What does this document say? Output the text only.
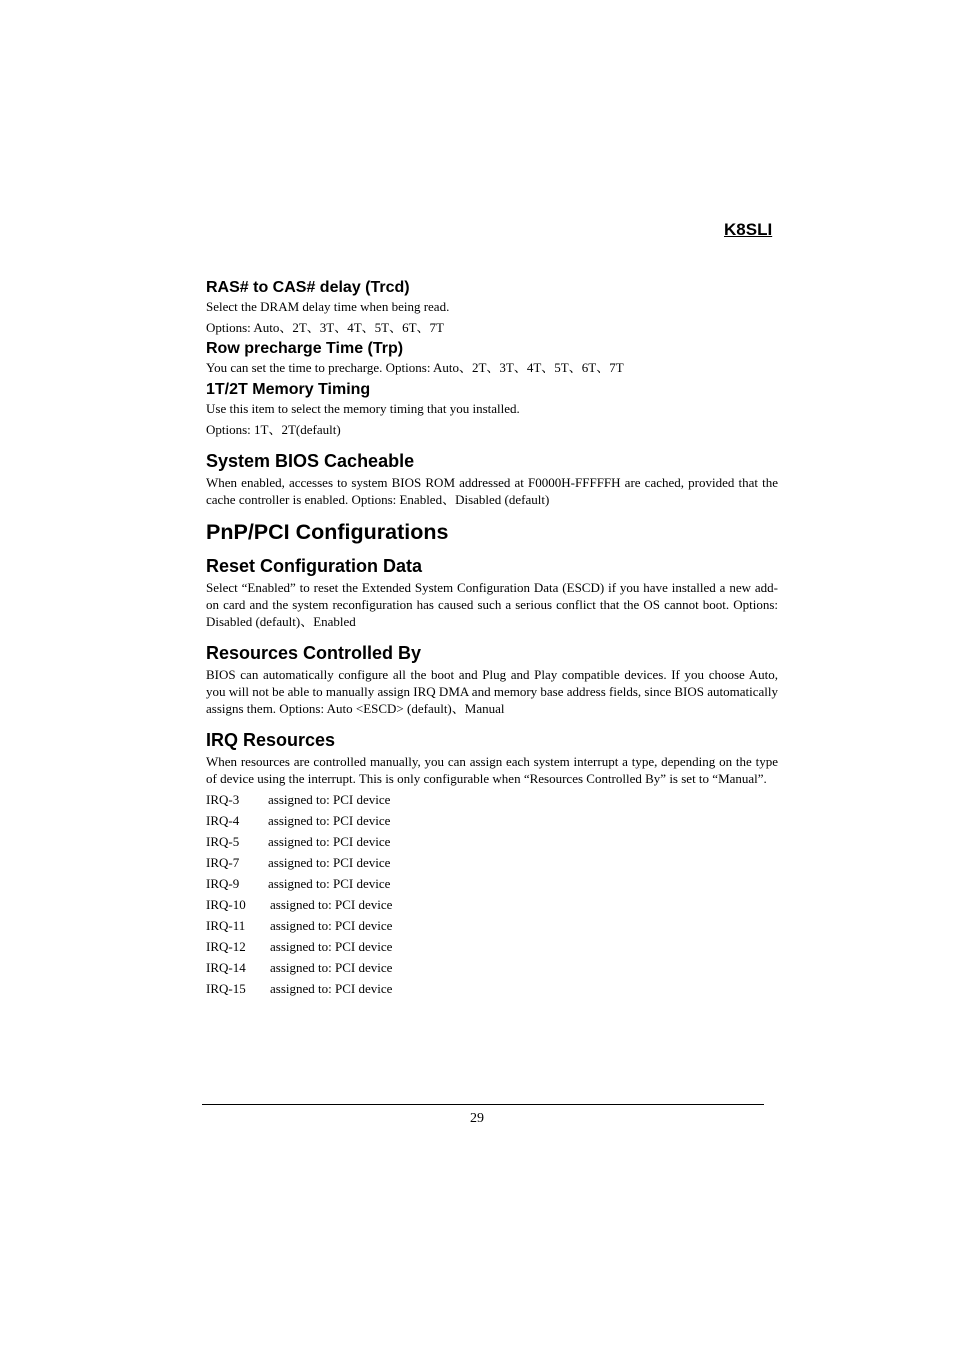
K8SLI
RAS# to CAS# delay (Trcd)

Select the DRAM delay time when being read.

Options: Auto、2T、3T、4T、5T、6T、7T

Row precharge Time (Trp)

You can set the time to precharge. Options: Auto、2T、3T、4T、5T、6T、7T

1T/2T Memory Timing

Use this item to select the memory timing that you installed.

Options: 1T、2T(default)

System BIOS Cacheable

When enabled, accesses to system BIOS ROM addressed at F0000H-FFFFFH are cached, provided that the cache controller is enabled. Options: Enabled、Disabled (default)

PnP/PCI Configurations
Reset Configuration Data

Select “Enabled” to reset the Extended System Configuration Data (ESCD) if you have installed a new add-on card and the system reconfiguration has caused such a serious conflict that the OS cannot boot. Options: Disabled (default)、Enabled

Resources Controlled By

BIOS can automatically configure all the boot and Plug and Play compatible devices. If you choose Auto, you will not be able to manually assign IRQ DMA and memory base address fields, since BIOS automatically assigns them. Options: Auto <ESCD> (default)、Manual

IRQ Resources

When resources are controlled manually, you can assign each system interrupt a type, depending on the type of device using the interrupt. This is only configurable when “Resources Controlled By” is set to “Manual”.

IRQ-3 assigned to: PCI device
IRQ-4 assigned to: PCI device
IRQ-5 assigned to: PCI device
IRQ-7 assigned to: PCI device
IRQ-9 assigned to: PCI device
IRQ-10 assigned to: PCI device
IRQ-11 assigned to: PCI device
IRQ-12 assigned to: PCI device
IRQ-14 assigned to: PCI device
IRQ-15 assigned to: PCI device
29
